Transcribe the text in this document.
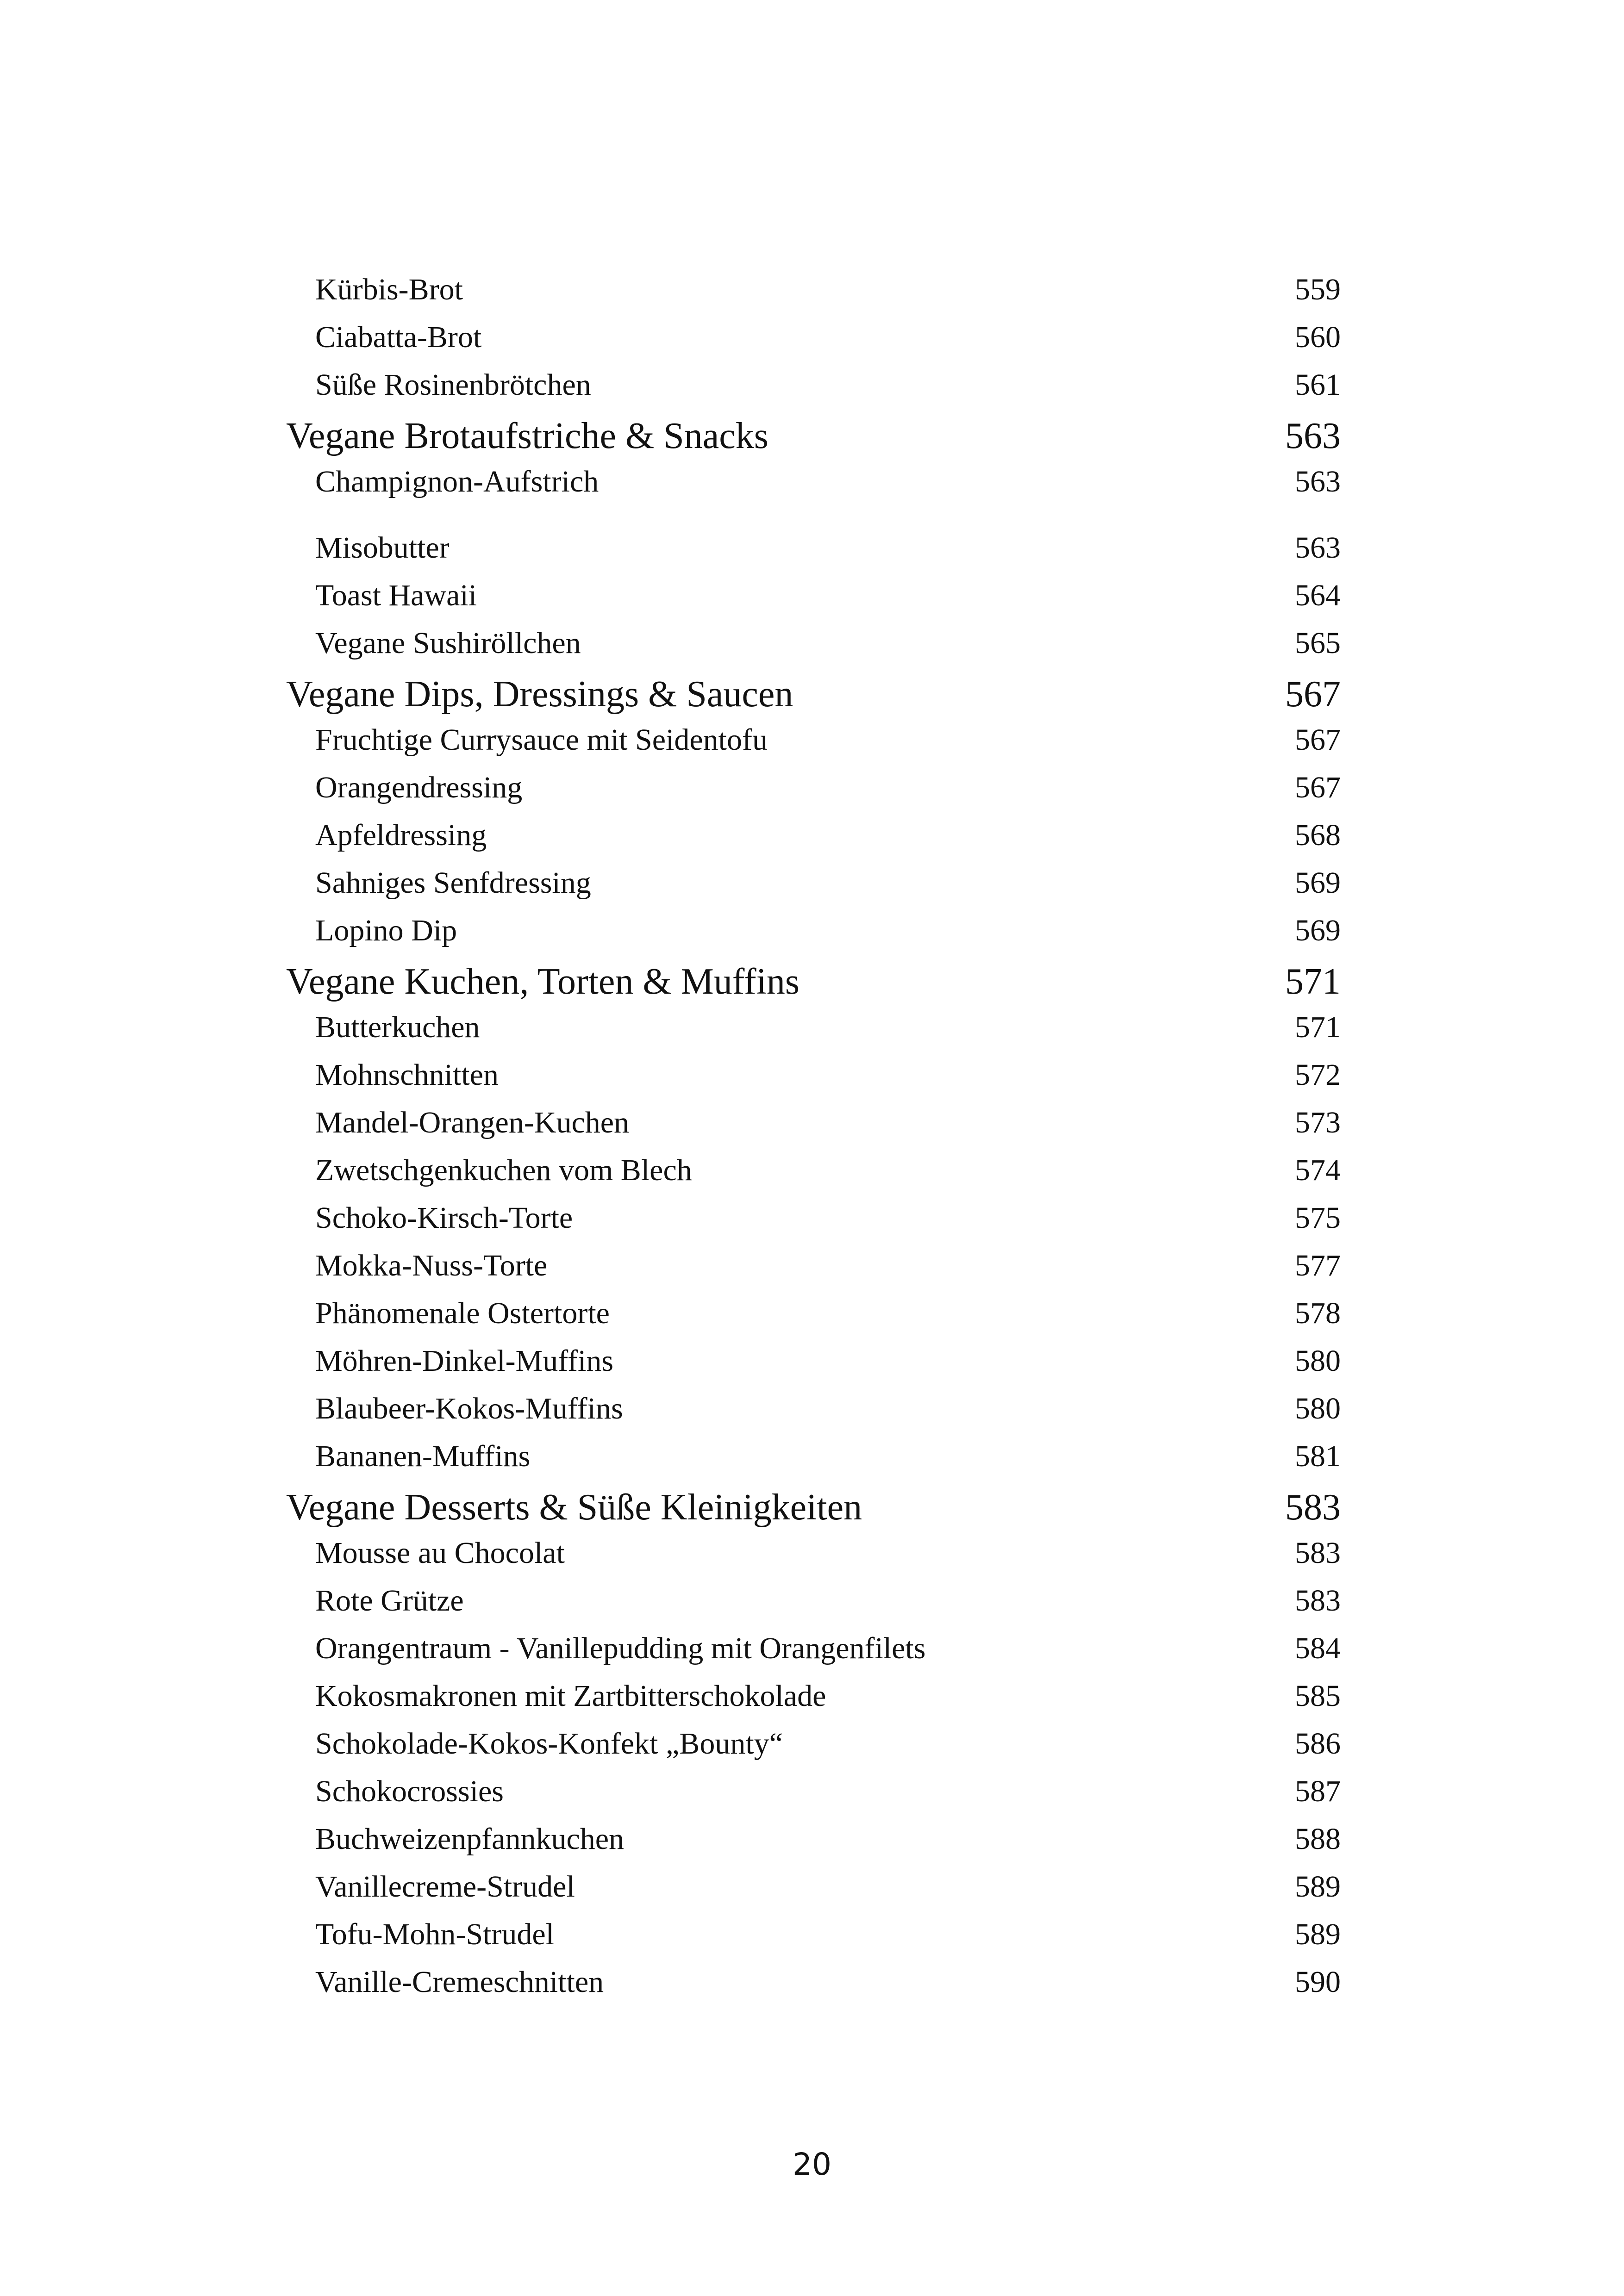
Kürbis-Brot	559
Ciabatta-Brot	560
Süße Rosinenbrötchen	561
Vegane Brotaufstriche & Snacks	563
Champignon-Aufstrich	563
Misobutter	563
Toast Hawaii	564
Vegane Sushiröllchen	565
Vegane Dips, Dressings & Saucen	567
Fruchtige Currysauce mit Seidentofu	567
Orangendressing	567
Apfeldressing	568
Sahniges Senfdressing	569
Lopino Dip	569
Vegane Kuchen, Torten & Muffins	571
Butterkuchen	571
Mohnschnitten	572
Mandel-Orangen-Kuchen	573
Zwetschgenkuchen vom Blech	574
Schoko-Kirsch-Torte	575
Mokka-Nuss-Torte	577
Phänomenale Ostertorte	578
Möhren-Dinkel-Muffins	580
Blaubeer-Kokos-Muffins	580
Bananen-Muffins	581
Vegane Desserts & Süße Kleinigkeiten	583
Mousse au Chocolat	583
Rote Grütze	583
Orangentraum - Vanillepudding mit Orangenfilets	584
Kokosmakronen mit Zartbitterschokolade	585
Schokolade-Kokos-Konfekt „Bounty“	586
Schokocrossies	587
Buchweizenpfannkuchen	588
Vanillecreme-Strudel	589
Tofu-Mohn-Strudel	589
Vanille-Cremeschnitten	590
20
